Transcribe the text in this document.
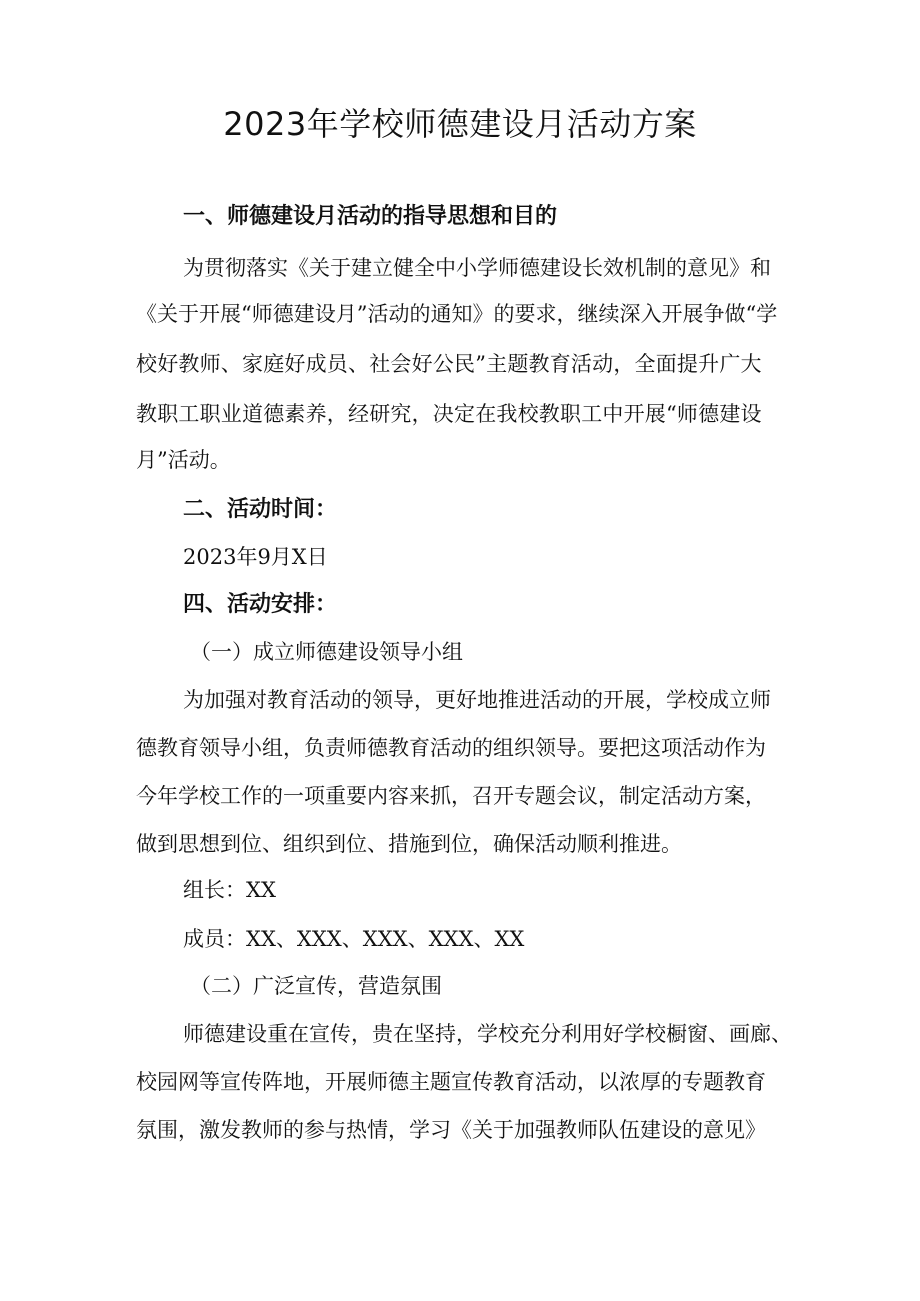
2023年学校师德建设月活动方案
一、师德建设月活动的指导思想和目的

为贯彻落实《关于建立健全中小学师德建设长效机制的意见》和

《关于开展“师德建设月”活动的通知》的要求，继续深入开展争做“学

校好教师、家庭好成员、社会好公民”主题教育活动，全面提升广大

教职工职业道德素养，经研究，决定在我校教职工中开展“师德建设

月”活动。

二、活动时间：

2023年9月X日

四、活动安排：

（一）成立师德建设领导小组

为加强对教育活动的领导，更好地推进活动的开展，学校成立师

德教育领导小组，负责师德教育活动的组织领导。要把这项活动作为

今年学校工作的一项重要内容来抓，召开专题会议，制定活动方案，

做到思想到位、组织到位、措施到位，确保活动顺利推进。

组长：XX

成员：XX、XXX、XXX、XXX、XX

（二）广泛宣传，营造氛围

师德建设重在宣传，贵在坚持，学校充分利用好学校橱窗、画廊、

校园网等宣传阵地，开展师德主题宣传教育活动，以浓厚的专题教育

氛围，激发教师的参与热情，学习《关于加强教师队伍建设的意见》
